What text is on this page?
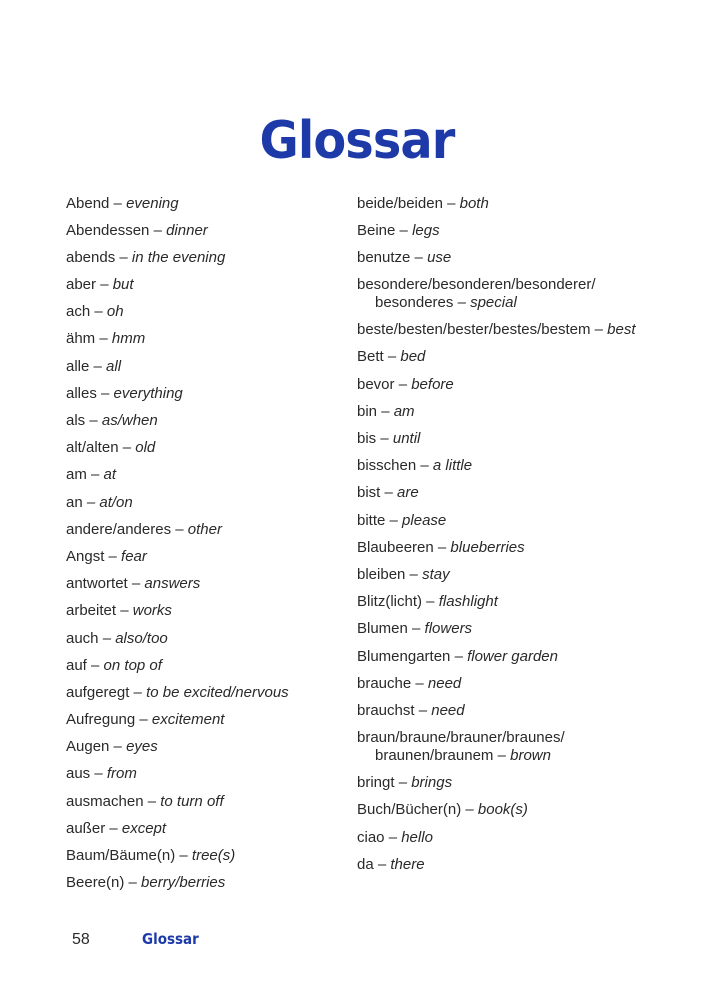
Glossar
Abend – evening
Abendessen – dinner
abends – in the evening
aber – but
ach – oh
ähm – hmm
alle – all
alles – everything
als – as/when
alt/alten – old
am – at
an – at/on
andere/anderes – other
Angst – fear
antwortet – answers
arbeitet – works
auch – also/too
auf – on top of
aufgeregt – to be excited/nervous
Aufregung – excitement
Augen – eyes
aus – from
ausmachen – to turn off
außer – except
Baum/Bäume(n) – tree(s)
Beere(n) – berry/berries
beide/beiden – both
Beine – legs
benutze – use
besondere/besonderen/besonderer/ besonderes – special
beste/besten/bester/bestes/bestem – best
Bett – bed
bevor – before
bin – am
bis – until
bisschen – a little
bist – are
bitte – please
Blaubeeren – blueberries
bleiben – stay
Blitz(licht) – flashlight
Blumen – flowers
Blumengarten – flower garden
brauche – need
brauchst – need
braun/braune/brauner/braunes/ braunen/braunem – brown
bringt – brings
Buch/Bücher(n) – book(s)
ciao – hello
da – there
58	Glossar
